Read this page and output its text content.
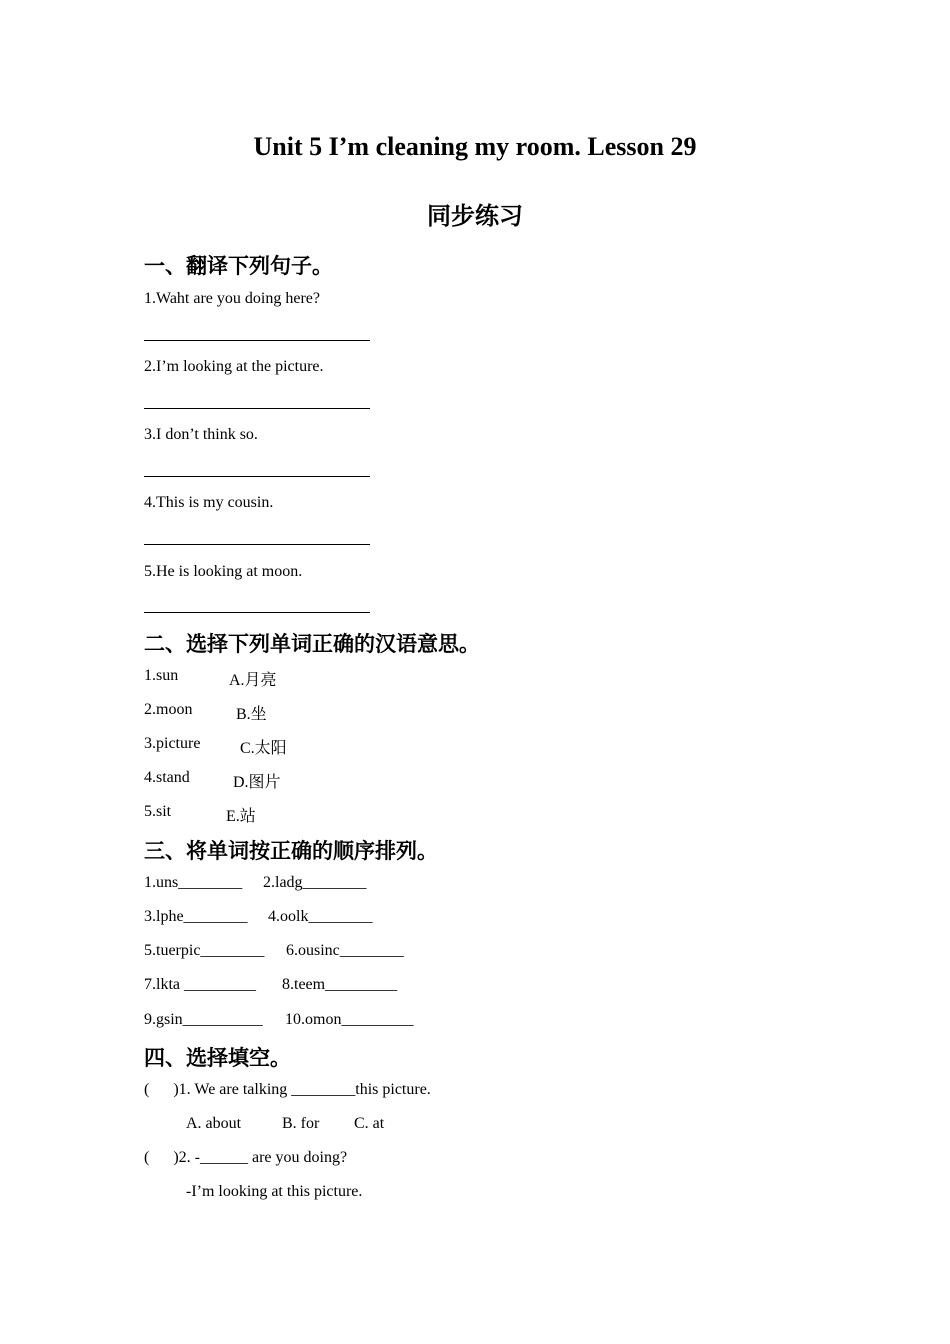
Unit 5 I’m cleaning my room. Lesson 29
同步练习
一、翻译下列句子。
1.Waht are you doing here?
2.I’m looking at the picture.
3.I don’t think so.
4.This is my cousin.
5.He is looking at moon.
二、选择下列单词正确的汉语意思。
1.sun	A.月亮
2.moon	B.坐
3.picture C.太阳
4.stand	D.图片
5.sit	E.站
三、将单词按正确的顺序排列。
1.uns________ 2.ladg________
3.lphe________ 4.oolk________
5.tuerpic________ 6.ousinc________
7.lkta _________ 8.teem_________
9.gsin__________ 10.omon_________
四、选择填空。
(      )1. We are talking ________this picture.
A. about	B. for C. at
(      )2. -______ are you doing?
-I’m looking at this picture.
